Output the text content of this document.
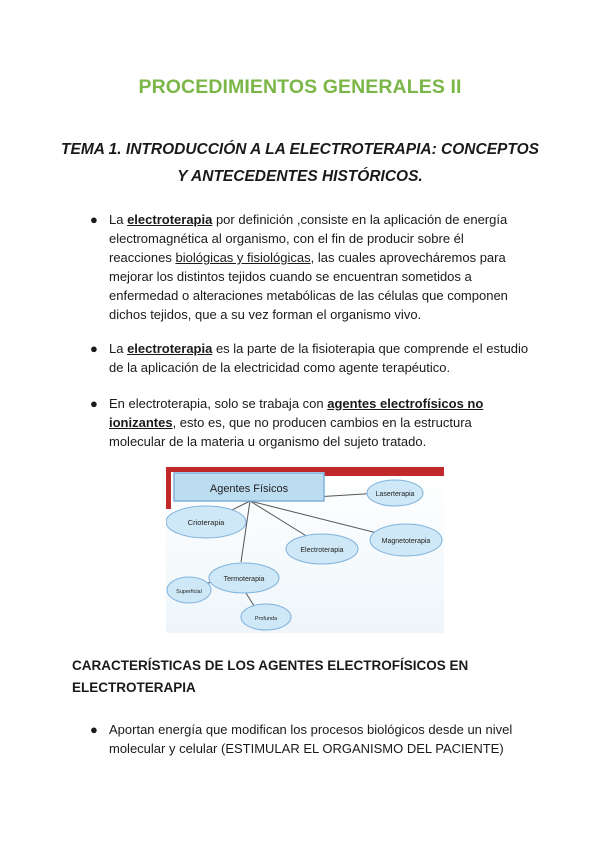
PROCEDIMIENTOS GENERALES II
TEMA 1. INTRODUCCIÓN A LA ELECTROTERAPIA: CONCEPTOS Y ANTECEDENTES HISTÓRICOS.
● La electroterapia por definición ,consiste en la aplicación de energía electromagnética al organismo, con el fin de producir sobre él reacciones biológicas y fisiológicas, las cuales aprovecháremos para mejorar los distintos tejidos cuando se encuentran sometidos a enfermedad o alteraciones metabólicas de las células que componen dichos tejidos, que a su vez forman el organismo vivo.
● La electroterapia es la parte de la fisioterapia que comprende el estudio de la aplicación de la electricidad como agente terapéutico.
● En electroterapia, solo se trabaja con agentes electrofísicos no ionizantes, esto es, que no producen cambios en la estructura molecular de la materia u organismo del sujeto tratado.
Agentes Físicos	Laserterapia
Crioterapia
Electroterapia
Magnetoterapia
Termoterapia
Superficial
Profunda
CARACTERÍSTICAS DE LOS AGENTES ELECTROFÍSICOS EN ELECTROTERAPIA
● Aportan energía que modifican los procesos biológicos desde un nivel molecular y celular (ESTIMULAR EL ORGANISMO DEL PACIENTE)
